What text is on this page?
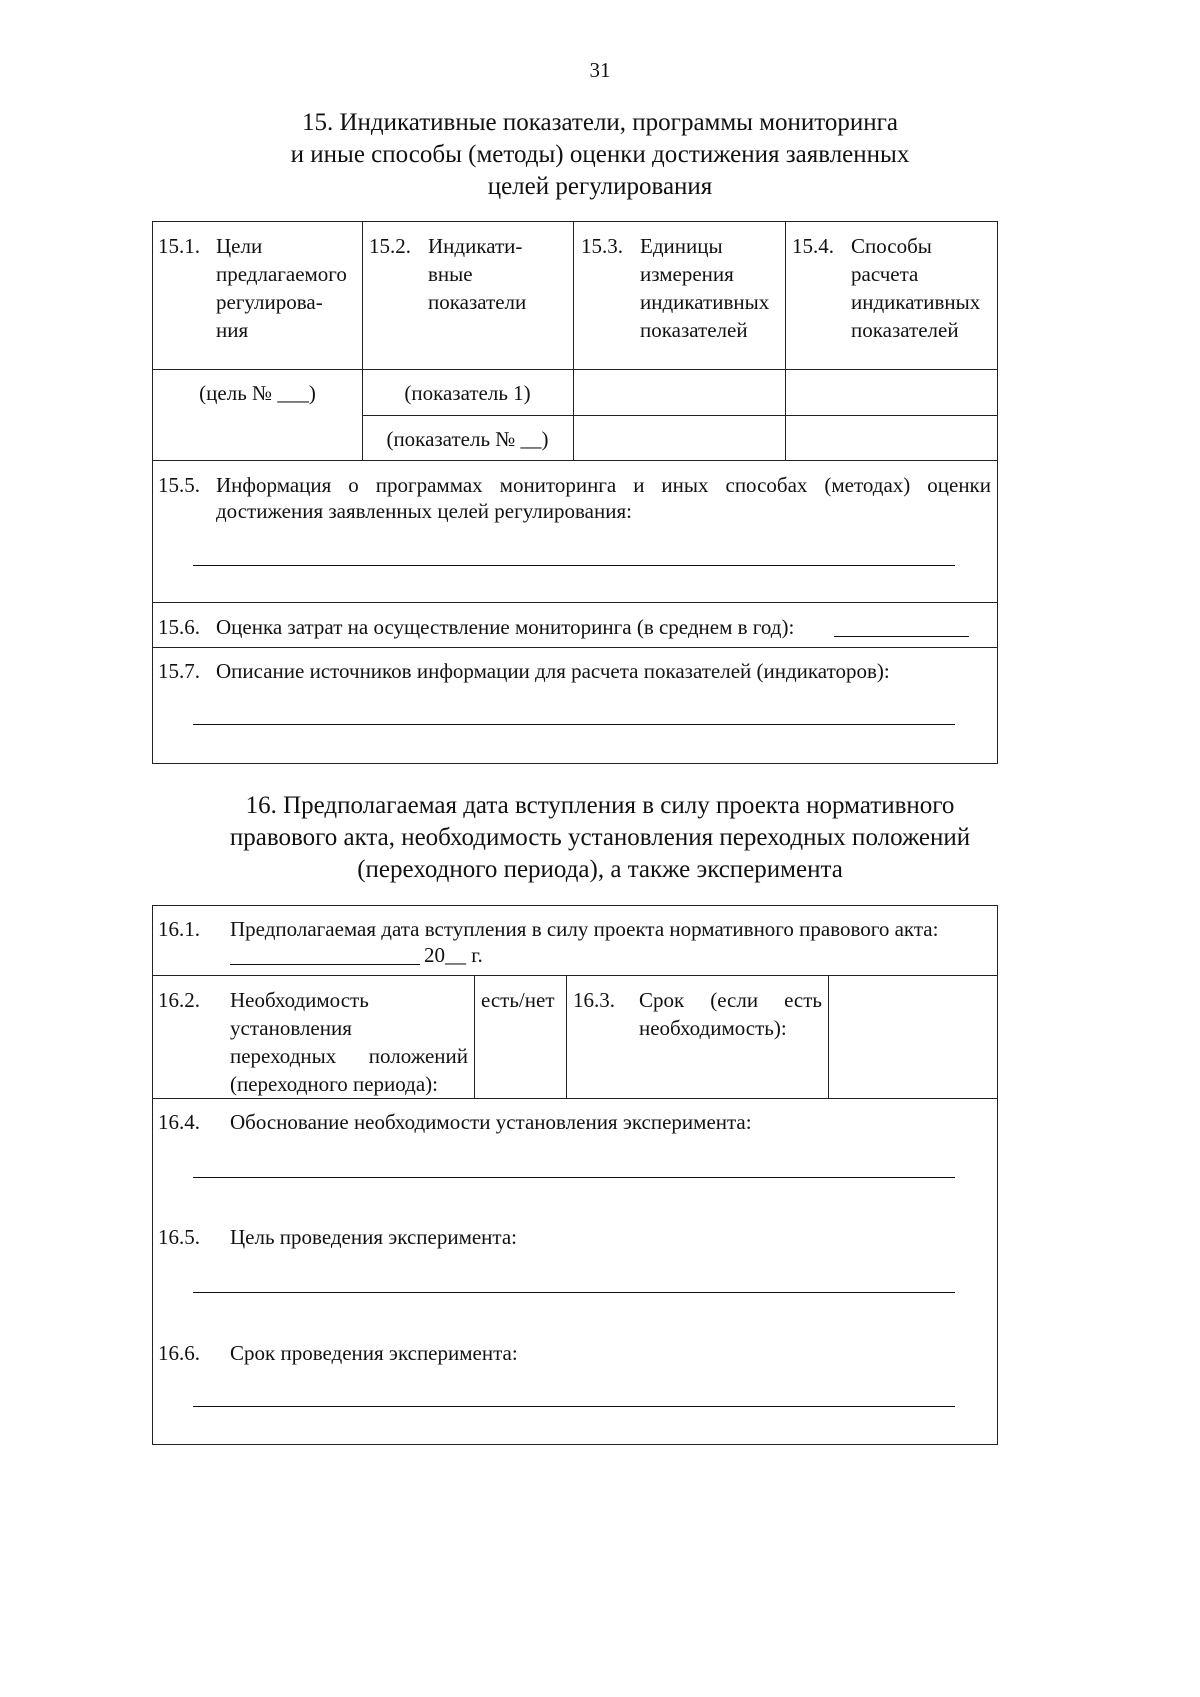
31
15. Индикативные показатели, программы мониторинга
и иные способы (методы) оценки достижения заявленных
целей регулирования
15.1. Цели
предлагаемого
регулирова-
ния
15.2. Индикати-
вные
показатели
15.3. Единицы
измерения
индикативных
показателей
15.4. Способы
расчета
индикативных
показателей
(цель № ___)	(показатель 1)
(показатель № __)
15.5. Информация о программах мониторинга и иных способах (методах) оценки
достижения заявленных целей регулирования:
15.6. Оценка затрат на осуществление мониторинга (в среднем в год):
15.7. Описание источников информации для расчета показателей (индикаторов):
16. Предполагаемая дата вступления в силу проекта нормативного
правового акта, необходимость установления переходных положений
(переходного периода), а также эксперимента
16.1. Предполагаемая дата вступления в силу проекта нормативного правового акта:
20__ г.
16.2. Необходимость
установления
переходных положений
(переходного периода):
есть/нет 16.3. Срок (если есть
необходимость):
16.4. Обоснование необходимости установления эксперимента:
16.5. Цель проведения эксперимента:
16.6. Срок проведения эксперимента:
